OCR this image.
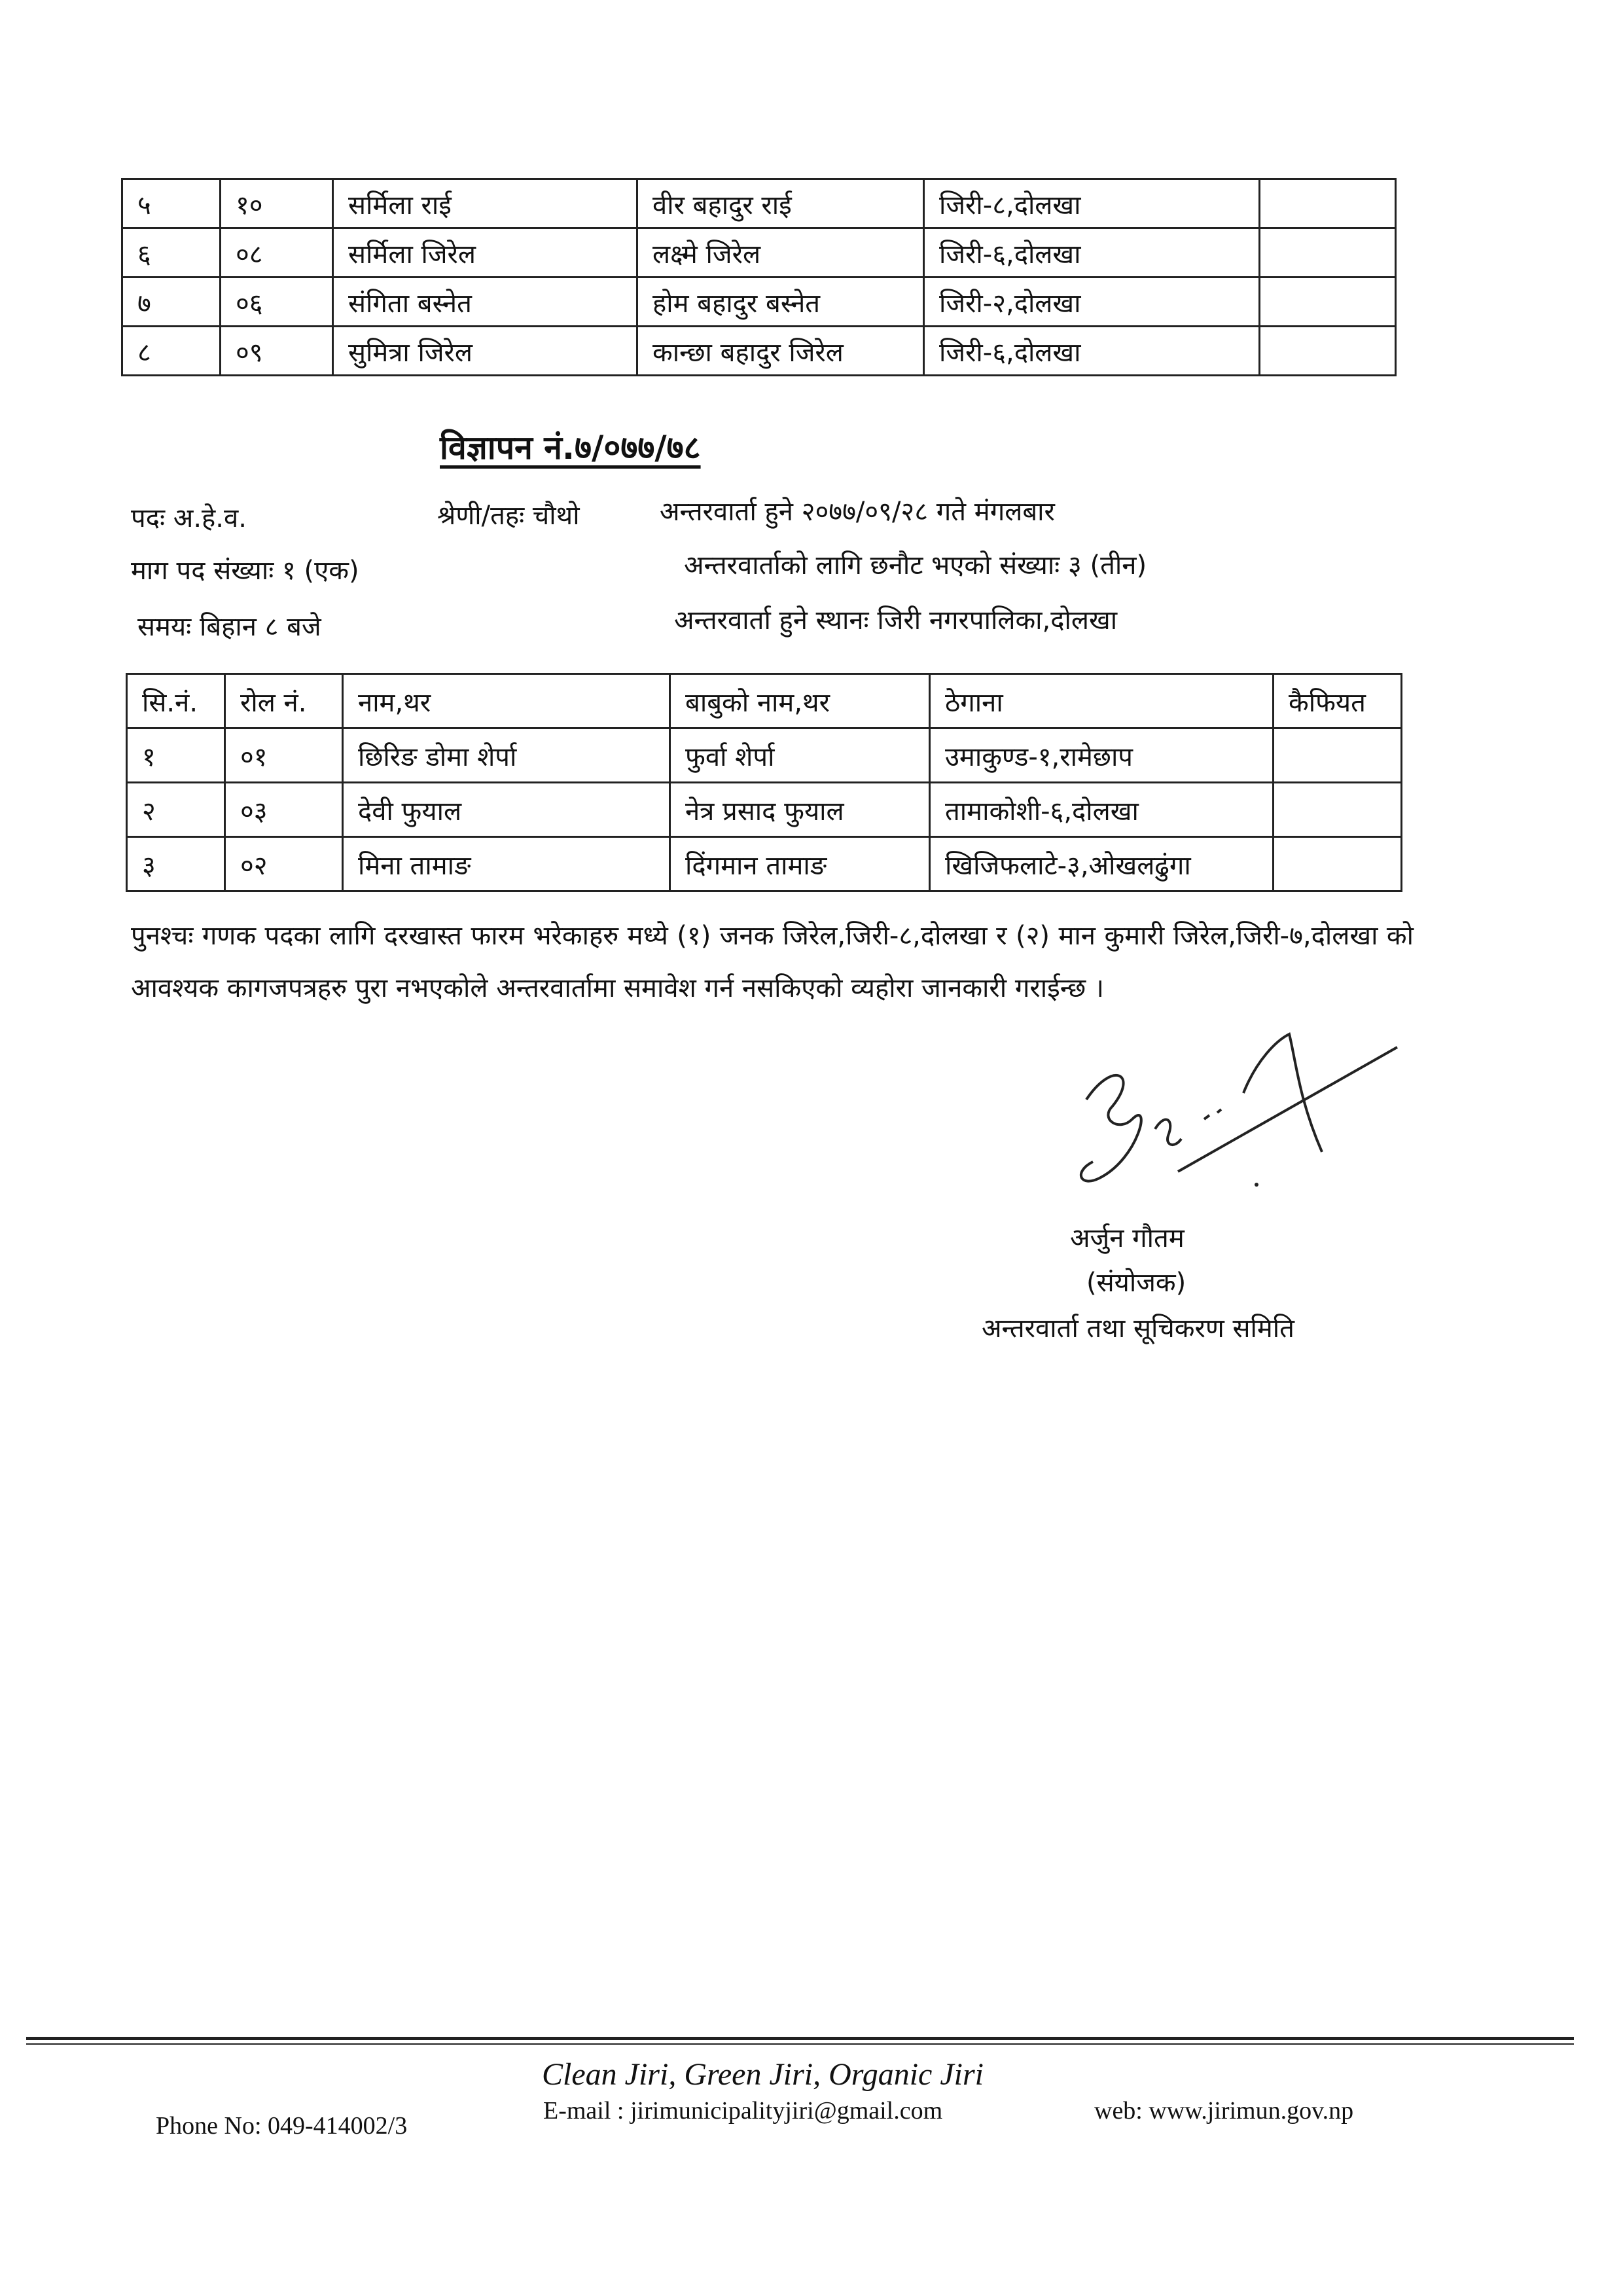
५	१०	सर्मिला राई	वीर बहादुर राई	जिरी-८,दोलखा	
६	०८	सर्मिला जिरेल	लक्ष्मे जिरेल	जिरी-६,दोलखा	
७	०६	संगिता बस्नेत	होम बहादुर बस्नेत	जिरी-२,दोलखा	
८	०९	सुमित्रा जिरेल	कान्छा बहादुर जिरेल	जिरी-६,दोलखा	
विज्ञापन नं.७/०७७/७८
पदः अ.हे.व.	श्रेणी/तहः चौथो	अन्तरवार्ता हुने २०७७/०९/२८ गते मंगलबार
माग पद संख्याः १ (एक)	अन्तरवार्ताको लागि छनौट भएको संख्याः ३ (तीन)
समयः बिहान ८ बजे	अन्तरवार्ता हुने स्थानः जिरी नगरपालिका,दोलखा
सि.नं.	रोल नं.	नाम,थर	बाबुको नाम,थर	ठेगाना	कैफियत
१	०१	छिरिङ डोमा शेर्पा	फुर्वा शेर्पा	उमाकुण्ड-१,रामेछाप	
२	०३	देवी फुयाल	नेत्र प्रसाद फुयाल	तामाकोशी-६,दोलखा	
३	०२	मिना तामाङ	दिंगमान तामाङ	खिजिफलाटे-३,ओखलढुंगा	
पुनश्चः गणक पदका लागि दरखास्त फारम भरेकाहरु मध्ये (१) जनक जिरेल,जिरी-८,दोलखा र (२) मान कुमारी जिरेल,जिरी-७,दोलखा को आवश्यक कागजपत्रहरु पुरा नभएकोले अन्तरवार्तामा समावेश गर्न नसकिएको व्यहोरा जानकारी गराईन्छ ।
अर्जुन गौतम
(संयोजक)
अन्तरवार्ता तथा सूचिकरण समिति
Clean Jiri, Green Jiri, Organic Jiri
Phone No: 049-414002/3
E-mail : jirimunicipalityjiri@gmail.com	web: www.jirimun.gov.np
